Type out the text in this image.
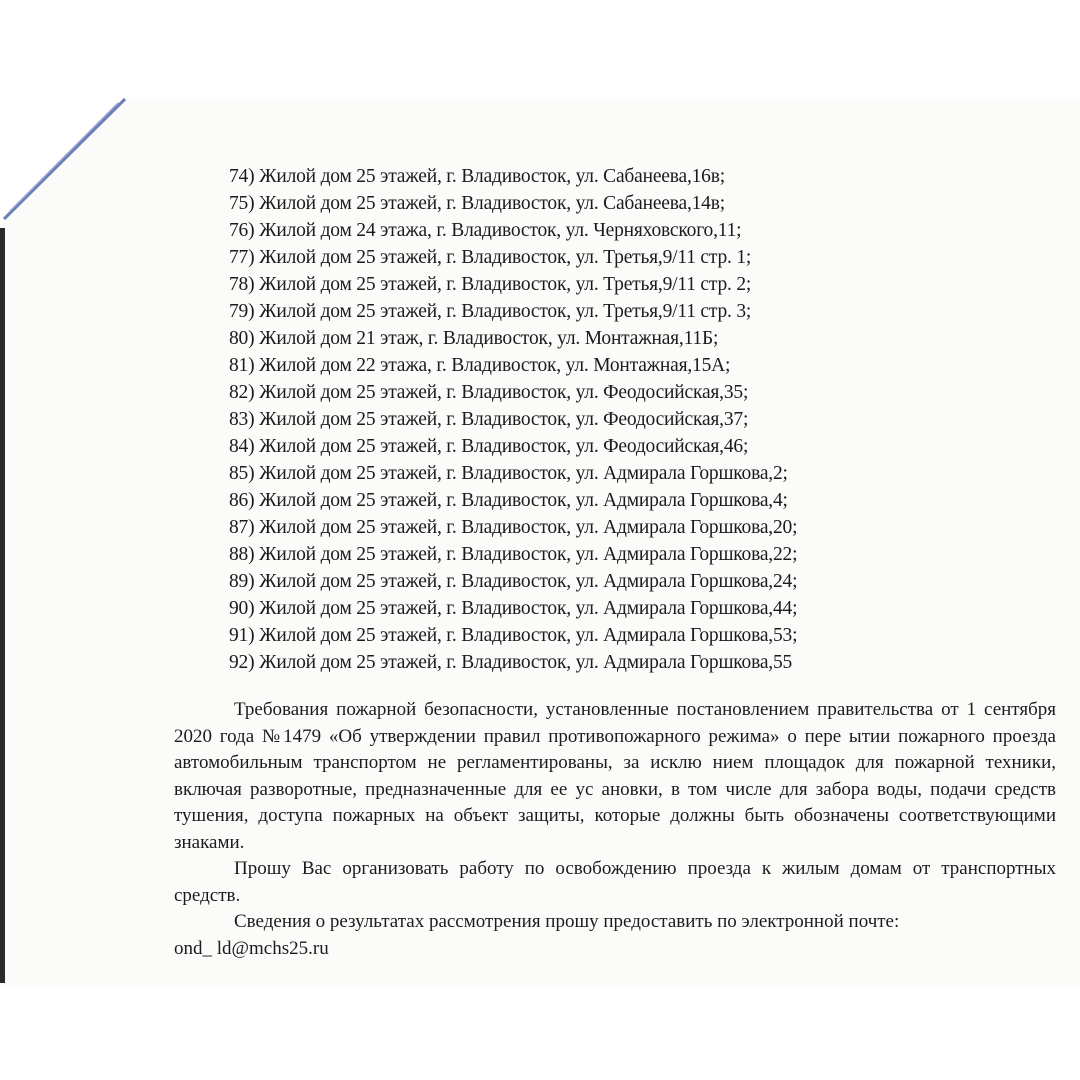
74) Жилой дом 25 этажей, г. Владивосток, ул. Сабанеева,16в;
75) Жилой дом 25 этажей, г. Владивосток, ул. Сабанеева,14в;
76) Жилой дом 24 этажа, г. Владивосток, ул. Черняховского,11;
77) Жилой дом 25 этажей, г. Владивосток, ул. Третья,9/11 стр. 1;
78) Жилой дом 25 этажей, г. Владивосток, ул. Третья,9/11 стр. 2;
79) Жилой дом 25 этажей, г. Владивосток, ул. Третья,9/11 стр. 3;
80) Жилой дом 21 этаж, г. Владивосток, ул. Монтажная,11Б;
81) Жилой дом 22 этажа, г. Владивосток, ул. Монтажная,15А;
82) Жилой дом 25 этажей, г. Владивосток, ул. Феодосийская,35;
83) Жилой дом 25 этажей, г. Владивосток, ул. Феодосийская,37;
84) Жилой дом 25 этажей, г. Владивосток, ул. Феодосийская,46;
85) Жилой дом 25 этажей, г. Владивосток, ул. Адмирала Горшкова,2;
86) Жилой дом 25 этажей, г. Владивосток, ул. Адмирала Горшкова,4;
87) Жилой дом 25 этажей, г. Владивосток, ул. Адмирала Горшкова,20;
88) Жилой дом 25 этажей, г. Владивосток, ул. Адмирала Горшкова,22;
89) Жилой дом 25 этажей, г. Владивосток, ул. Адмирала Горшкова,24;
90) Жилой дом 25 этажей, г. Владивосток, ул. Адмирала Горшкова,44;
91) Жилой дом 25 этажей, г. Владивосток, ул. Адмирала Горшкова,53;
92) Жилой дом 25 этажей, г. Владивосток, ул. Адмирала Горшкова,55

Требования пожарной безопасности, установленные постановлением правительства от 1 сентября 2020 года №1479 «Об утверждении правил противопожарного режима» о пере ытии пожарного проезда автомобильным транспортом не регламентированы, за исклю нием площадок для пожарной техники, включая разворотные, предназначенные для ее ус ановки, в том числе для забора воды, подачи средств тушения, доступа пожарных на объект защиты, которые должны быть обозначены соответствующими знаками.

Прошу Вас организовать работу по освобождению проезда к жилым домам от транспортных средств.

Сведения о результатах рассмотрения прошу предоставить по электронной почте:

ond_ ld@mchs25.ru
